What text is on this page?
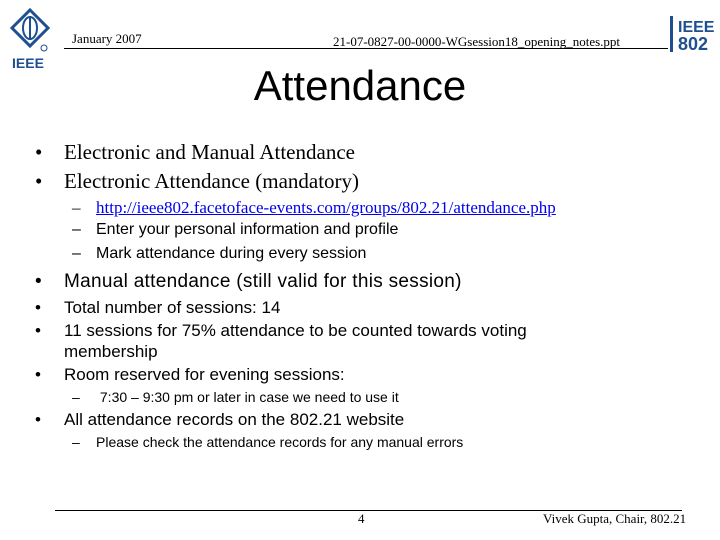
IEEE
January 2007	21-07-0827-00-0000-WGsession18_opening_notes.ppt
IEEE
802
Attendance
• Electronic and Manual Attendance
• Electronic Attendance (mandatory)
– http://ieee802.facetoface-events.com/groups/802.21/attendance.php
– Enter your personal information and profile
– Mark attendance during every session
• Manual attendance (still valid for this session)
• Total number of sessions: 14
• 11 sessions for 75% attendance to be counted towards voting
membership
• Room reserved for evening sessions:
– 7:30 – 9:30 pm or later in case we need to use it
• All attendance records on the 802.21 website
– Please check the attendance records for any manual errors
4	Vivek Gupta, Chair, 802.21
